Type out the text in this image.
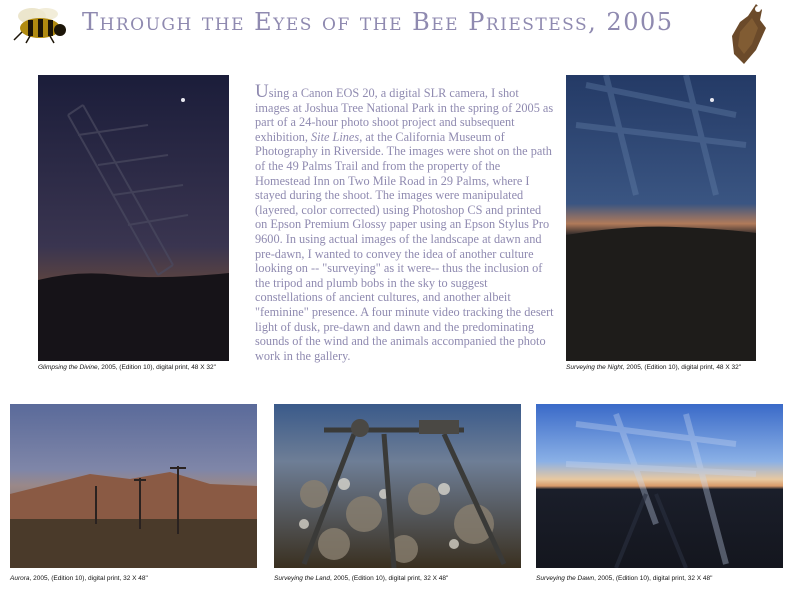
Through the Eyes of the Bee Priestess, 2005
Glimpsing the Divine, 2005, (Edition 10), digital print, 48 X 32"
Using a Canon EOS 20, a digital SLR camera, I shot images at Joshua Tree National Park in the spring of 2005 as part of a 24-hour photo shoot project and subsequent exhibition, Site Lines, at the California Museum of Photography in Riverside. The images were shot on the path of the 49 Palms Trail and from the property of the Homestead Inn on Two Mile Road in 29 Palms, where I stayed during the shoot. The images were manipulated (layered, color corrected) using Photoshop CS and printed on Epson Premium Glossy paper using an Epson Stylus Pro 9600. In using actual images of the landscape at dawn and pre-dawn, I wanted to convey the idea of another culture looking on -- "surveying" as it were-- thus the inclusion of the tripod and plumb bobs in the sky to suggest constellations of ancient cultures, and another albeit "feminine" presence. A four minute video tracking the desert light of dusk, pre-dawn and dawn and the predominating sounds of the wind and the animals accompanied the photo work in the gallery.
Surveying the Night, 2005, (Edition 10), digital print, 48 X 32"
Aurora, 2005, (Edition 10), digital print, 32 X 48"	Surveying the Land, 2005, (Edition 10), digital print, 32 X 48"	Surveying the Dawn, 2005, (Edition 10), digital print, 32 X 48"
